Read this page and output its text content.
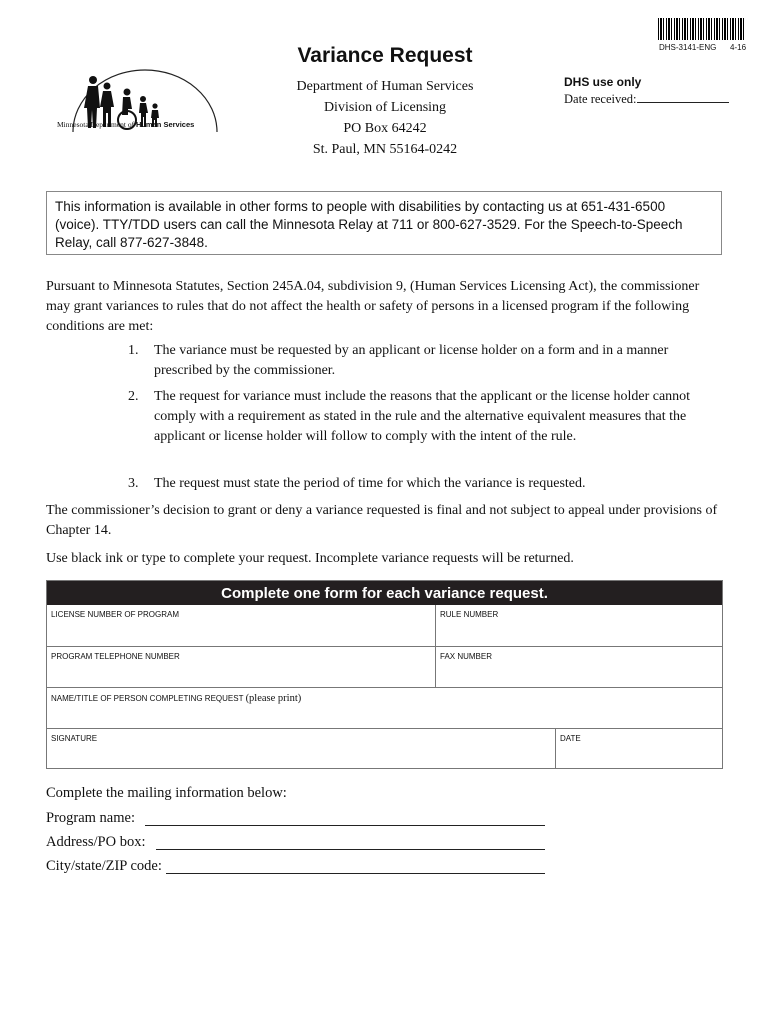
DHS-3141-ENG 4-16
Minnesota Department of Human Services
Variance Request
Department of Human Services
Division of Licensing
PO Box 64242
St. Paul, MN 55164-0242
DHS use only
Date received:
This information is available in other forms to people with disabilities by contacting us at 651-431-6500 (voice). TTY/TDD users can call the Minnesota Relay at 711 or 800-627-3529. For the Speech-to-Speech Relay, call 877-627-3848.
Pursuant to Minnesota Statutes, Section 245A.04, subdivision 9, (Human Services Licensing Act), the commissioner may grant variances to rules that do not affect the health or safety of persons in a licensed program if the following conditions are met:
1. The variance must be requested by an applicant or license holder on a form and in a manner prescribed by the commissioner.
2. The request for variance must include the reasons that the applicant or the license holder cannot comply with a requirement as stated in the rule and the alternative equivalent measures that the applicant or license holder will follow to comply with the intent of the rule.
3. The request must state the period of time for which the variance is requested.
The commissioner’s decision to grant or deny a variance requested is final and not subject to appeal under provisions of Chapter 14.
Use black ink or type to complete your request. Incomplete variance requests will be returned.
Complete one form for each variance request.
LICENSE NUMBER OF PROGRAM	RULE NUMBER
PROGRAM TELEPHONE NUMBER	FAX NUMBER
NAME/TITLE OF PERSON COMPLETING REQUEST (please print)
SIGNATURE	DATE
Complete the mailing information below:
Program name:
Address/PO box:
City/state/ZIP code:
